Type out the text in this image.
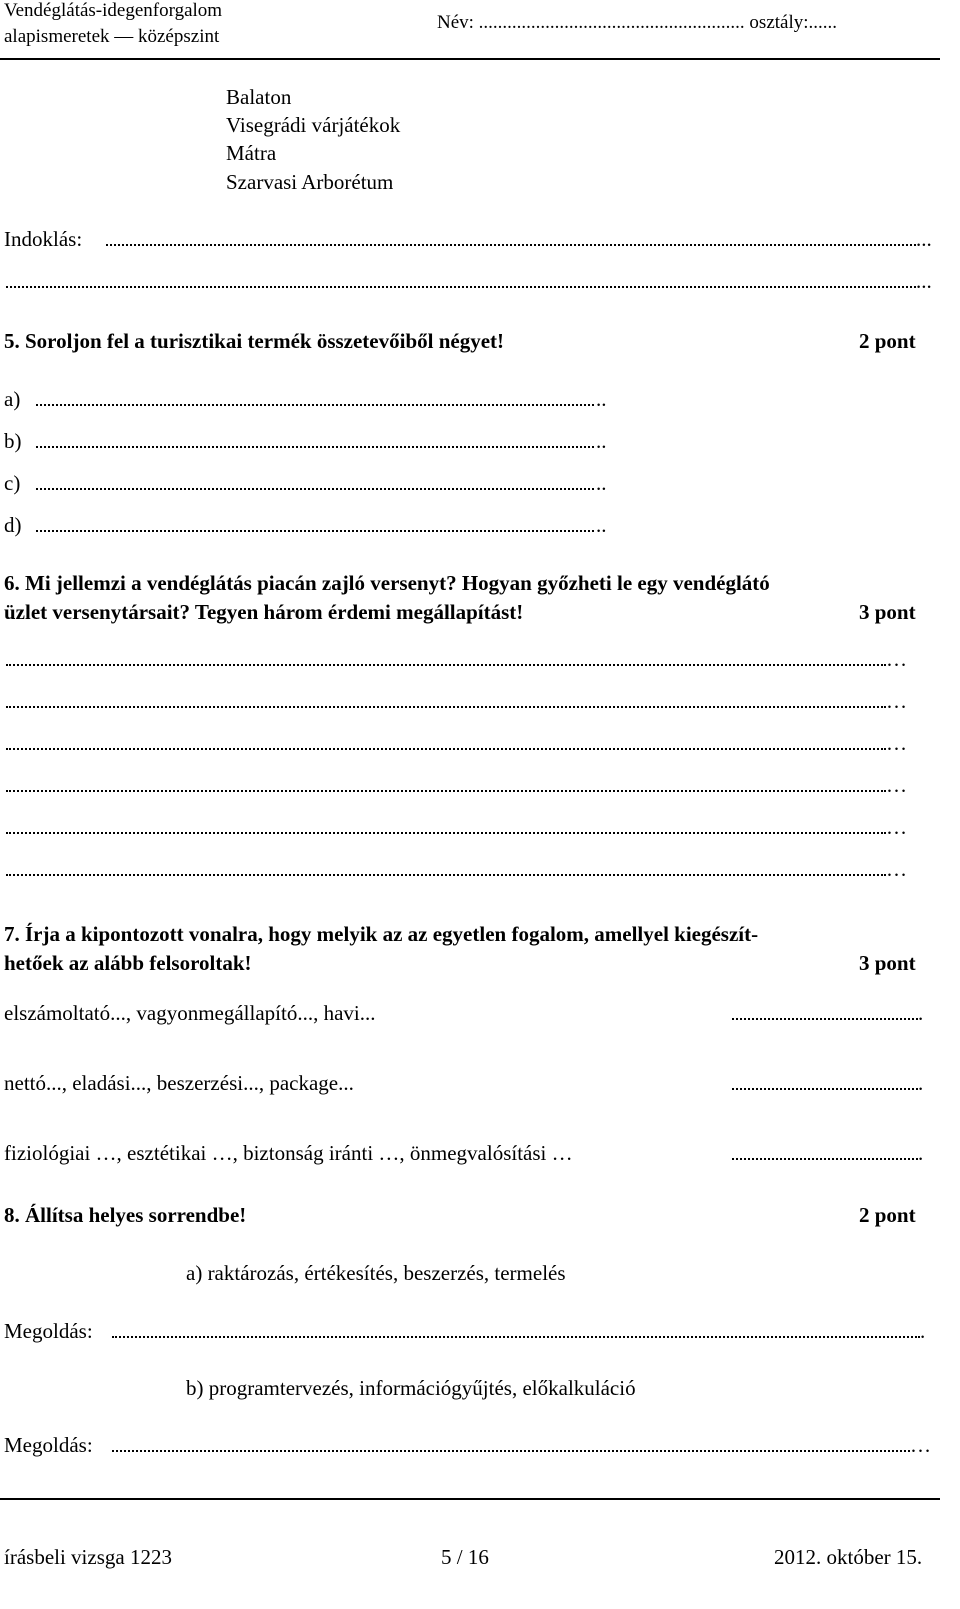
Vendéglátás-idegenforgalom
alapismeretek — középszint
Név: ........................................................ osztály:......
Balaton
Visegrádi várjátékok
Mátra
Szarvasi Arborétum
Indoklás:	...
...
5. Soroljon fel a turisztikai termék összetevőiből négyet!	2 pont
a)	..
b)	..
c)	..
d)	..
6. Mi jellemzi a vendéglátás piacán zajló versenyt? Hogyan győzheti le egy vendéglátó
üzlet versenytársait? Tegyen három érdemi megállapítást!	3 pont
…
…
…
…
…
…
7. Írja a kipontozott vonalra, hogy melyik az az egyetlen fogalom, amellyel kiegészít-
hetőek az alább felsoroltak!	3 pont
elszámoltató..., vagyonmegállapító..., havi...	.
nettó..., eladási..., beszerzési..., package...	.
fiziológiai …, esztétikai …, biztonság iránti …, önmegvalósítási …	.
8. Állítsa helyes sorrendbe!	2 pont
a) raktározás, értékesítés, beszerzés, termelés
Megoldás:	.
b) programtervezés, információgyűjtés, előkalkuláció
Megoldás:	…
írásbeli vizsga 1223	5 / 16	2012. október 15.
